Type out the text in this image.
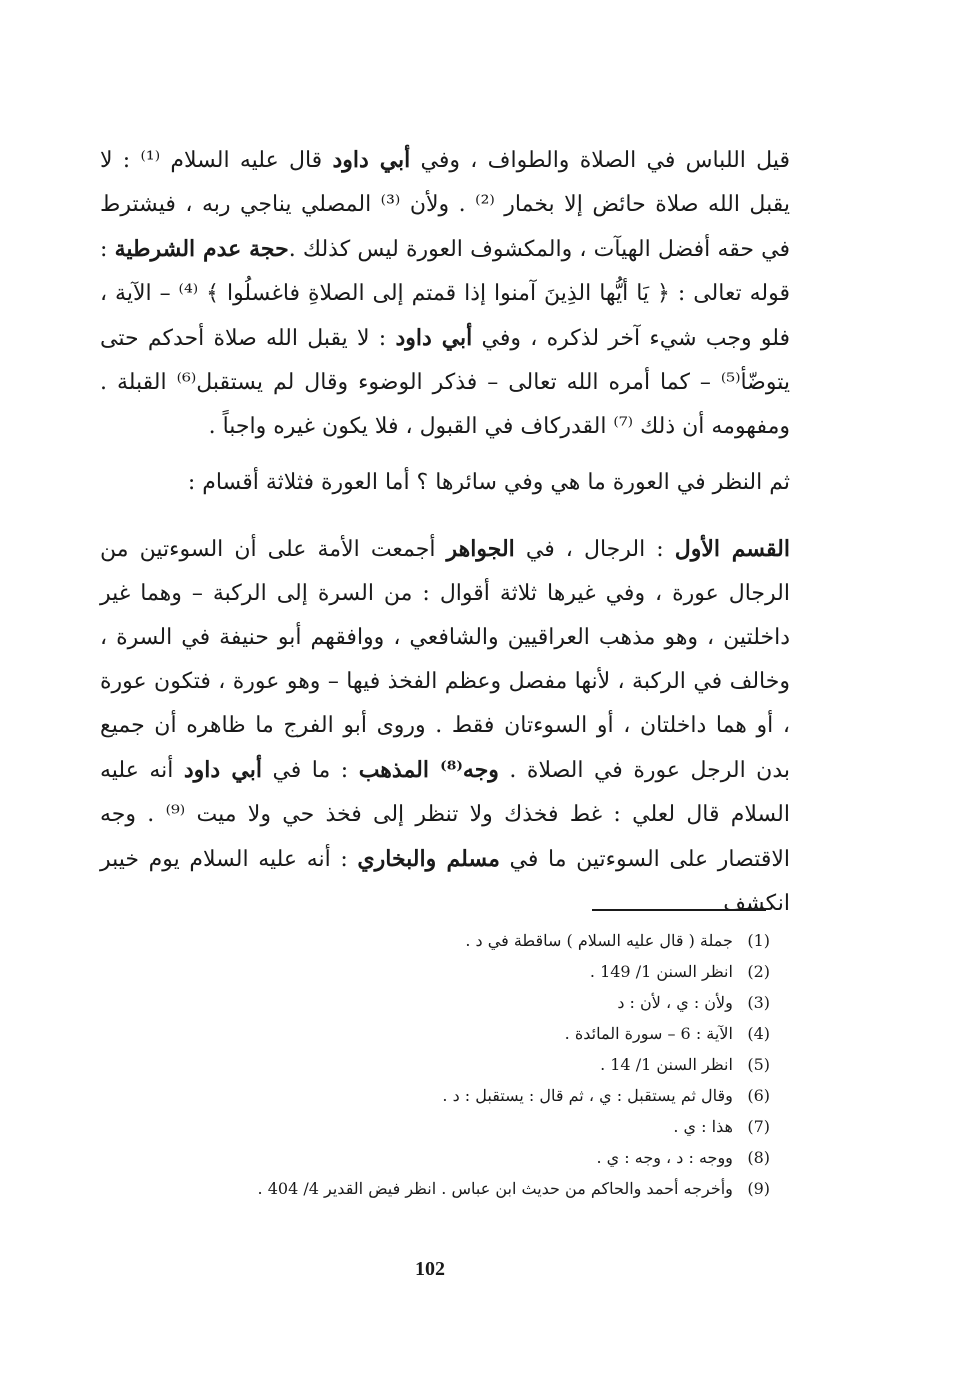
قيل اللباس في الصلاة والطواف ، وفي أبي داود قال عليه السلام ⁽¹⁾ : لا يقبل الله صلاة حائض إلا بخمار ⁽²⁾ . ولأن ⁽³⁾ المصلي يناجي ربه ، فيشترط في حقه أفضل الهيآت ، والمكشوف العورة ليس كذلك .حجة عدم الشرطية : قوله تعالى : ﴿ يَا أيُّها الذِينَ آمنوا إذا قمتم إلى الصلاةِ فاغسلُوا ﴾ ⁽⁴⁾ – الآية ، فلو وجب شيء آخر لذكره ، وفي أبي داود : لا يقبل الله صلاة أحدكم حتى يتوضّأ⁽⁵⁾ – كما أمره الله تعالى – فذكر الوضوء وقال لم يستقبل⁽⁶⁾ القبلة . ومفهومه أن ذلك ⁽⁷⁾ القدركاف في القبول ، فلا يكون غيره واجباً .

ثم النظر في العورة ما هي وفي سائرها ؟ أما العورة فثلاثة أقسام :

القسم الأول : الرجال ، في الجواهر أجمعت الأمة على أن السوءتين من الرجال عورة ، وفي غيرها ثلاثة أقوال : من السرة إلى الركبة – وهما غير داخلتين ، وهو مذهب العراقيين والشافعي ، ووافقهم أبو حنيفة في السرة ، وخالف في الركبة ، لأنها مفصل وعظم الفخذ فيها – وهو عورة ، فتكون عورة ، أو هما داخلتان ، أو السوءتان فقط . وروى أبو الفرج ما ظاهره أن جميع بدن الرجل عورة في الصلاة . وجه⁽⁸⁾ المذهب : ما في أبي داود أنه عليه السلام قال لعلي : غط فخذك ولا تنظر إلى فخذ حي ولا ميت ⁽⁹⁾ . وجه الاقتصار على السوءتين ما في مسلم والبخاري : أنه عليه السلام يوم خيبر انكشف

(1) جملة ( قال عليه السلام ) ساقطة في د .
(2) انظر السنن 1/ 149 .
(3) ولأن : ي ، لأن : د
(4) الآية : 6 – سورة المائدة .
(5) انظر السنن 1/ 14 .
(6) وقال ثم يستقبل : ي ، ثم قال : يستقبل : د .
(7) هذا : ي .
(8) ووجه : د ، وجه : ي .
(9) وأخرجه أحمد والحاكم من حديث ابن عباس . انظر فيض القدير 4/ 404 .
102
